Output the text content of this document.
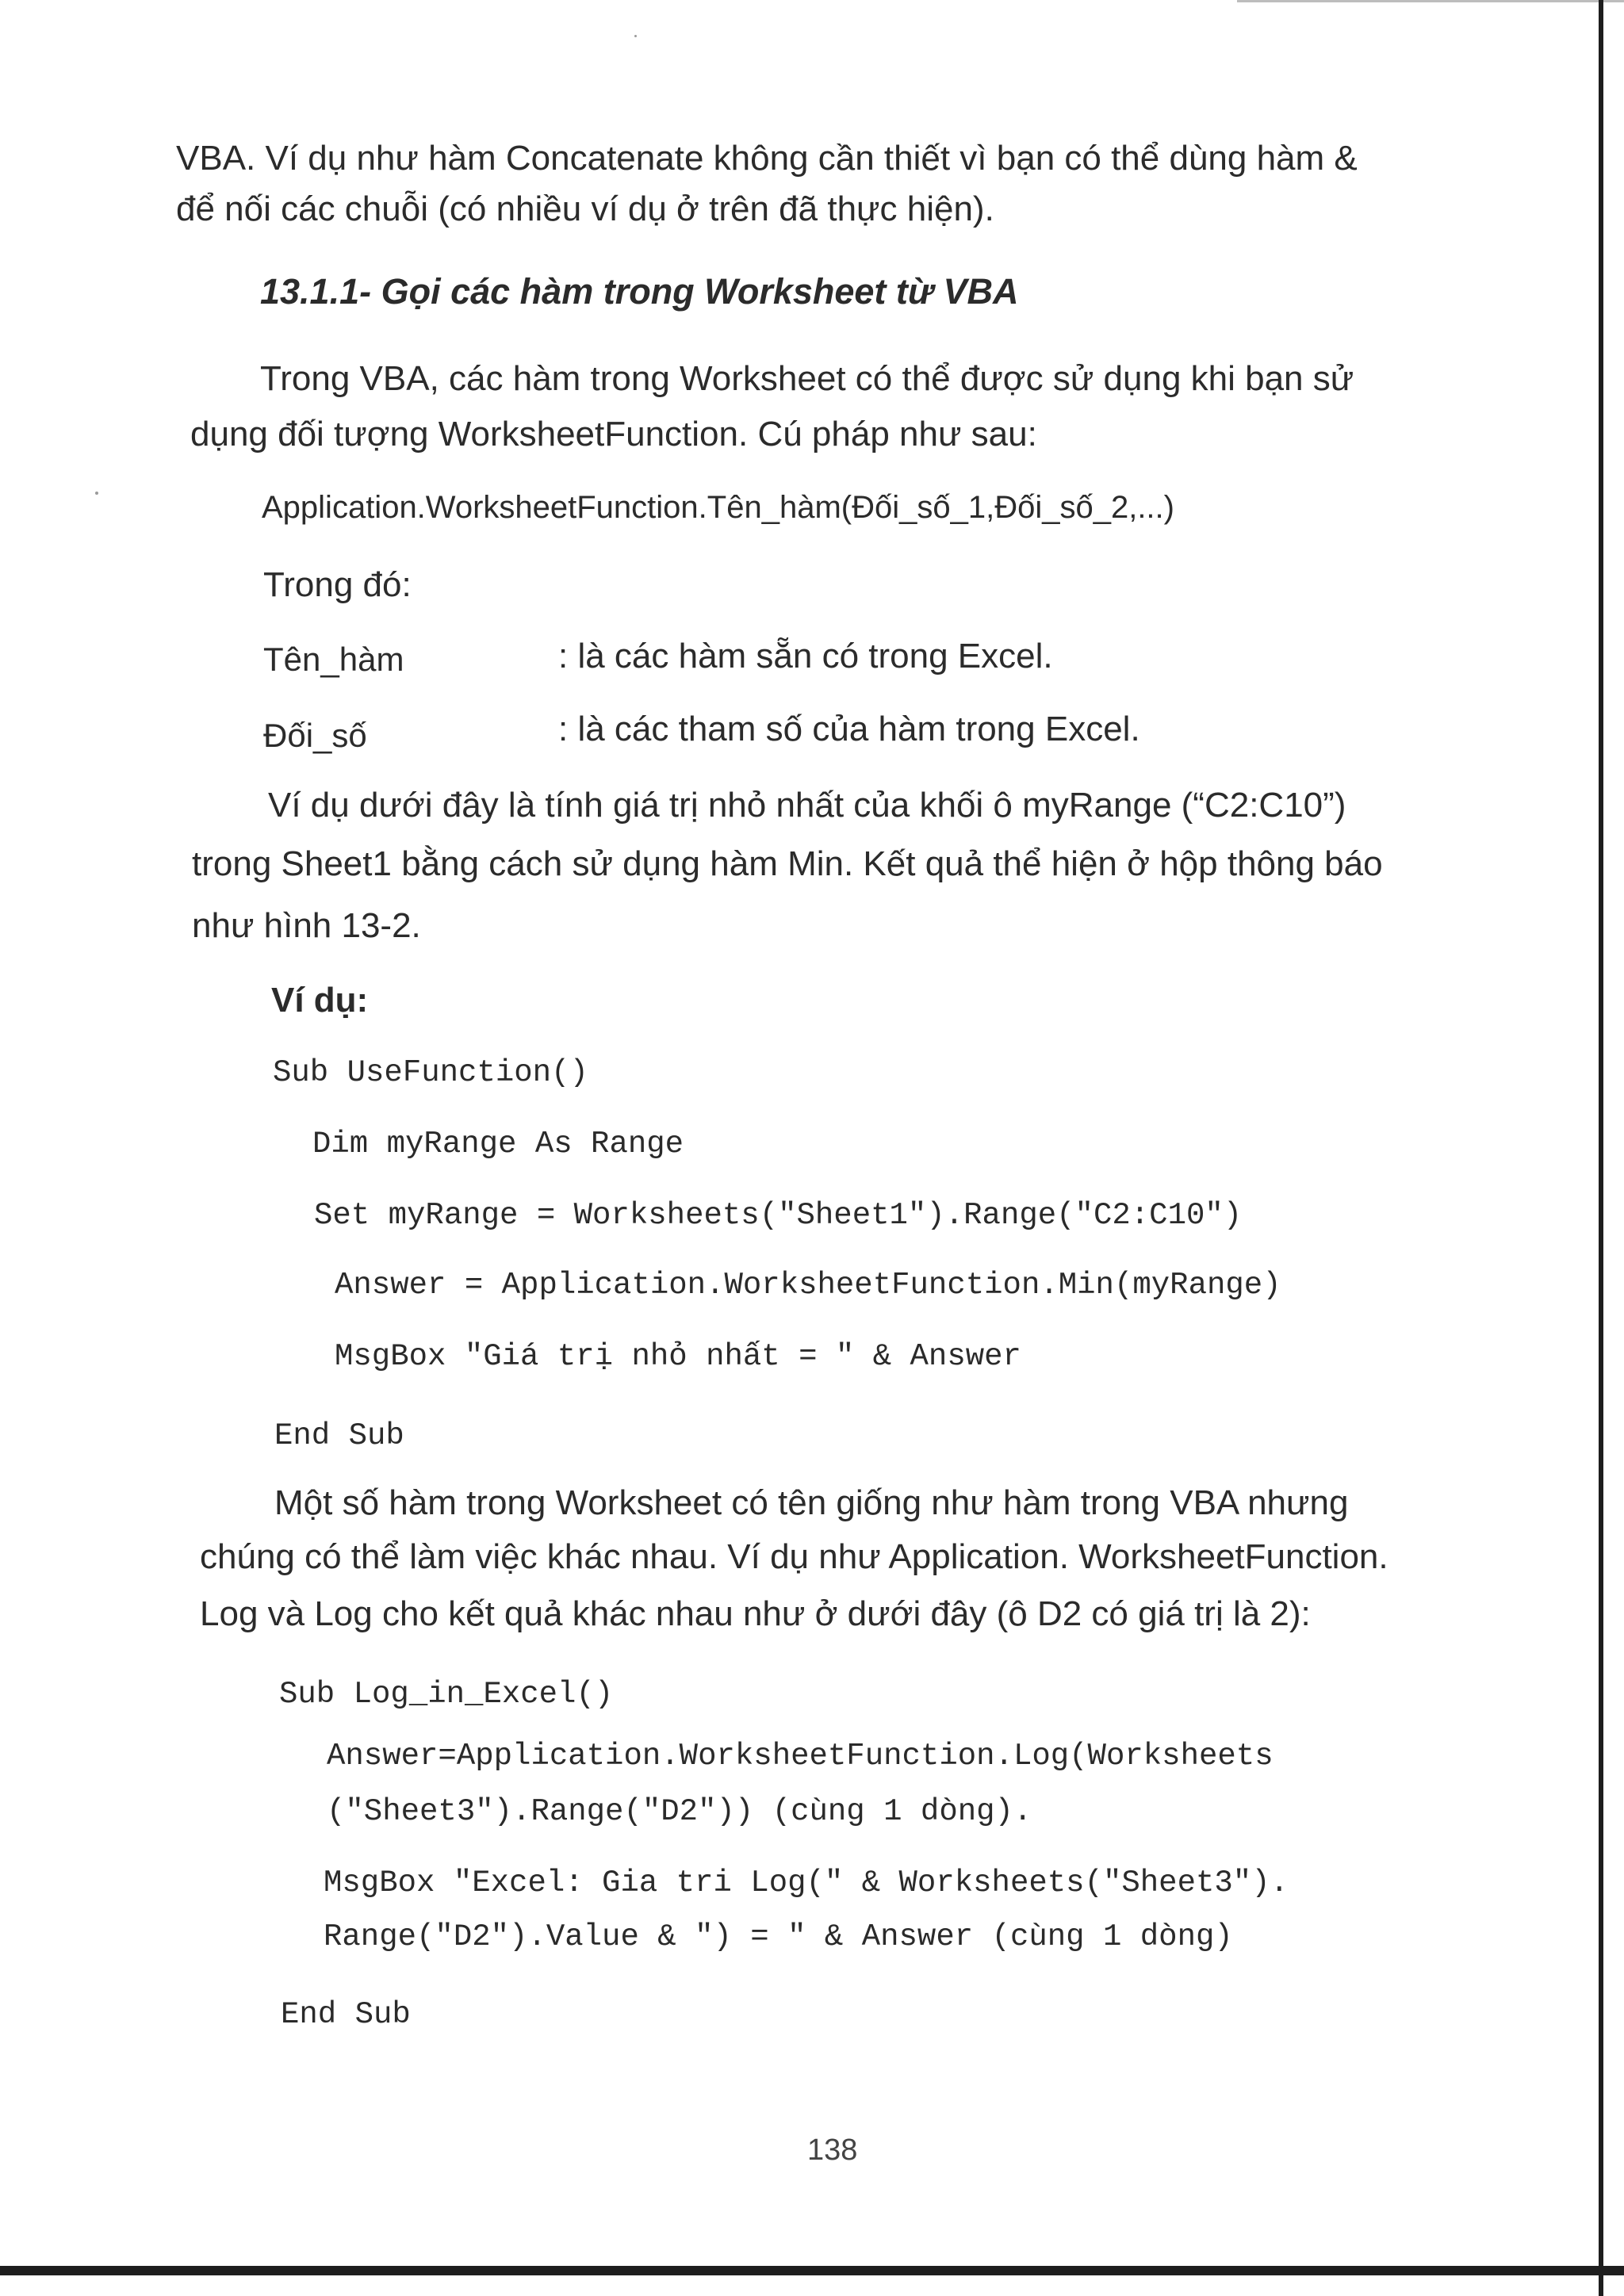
VBA. Ví dụ như hàm Concatenate không cần thiết vì bạn có thể dùng hàm &
để nối các chuỗi (có nhiều ví dụ ở trên đã thực hiện).
13.1.1- Gọi các hàm trong Worksheet từ VBA
Trong VBA, các hàm trong Worksheet có thể được sử dụng khi bạn sử
dụng đối tượng WorksheetFunction. Cú pháp như sau:
Application.WorksheetFunction.Tên_hàm(Đối_số_1,Đối_số_2,...)
Trong đó:
Tên_hàm	: là các hàm sẵn có trong Excel.
Đối_số	: là các tham số của hàm trong Excel.
Ví dụ dưới đây là tính giá trị nhỏ nhất của khối ô myRange (“C2:C10”)
trong Sheet1 bằng cách sử dụng hàm Min. Kết quả thể hiện ở hộp thông báo
như hình 13-2.
Ví dụ:
Sub UseFunction()
Dim myRange As Range
Set myRange = Worksheets("Sheet1").Range("C2:C10")
Answer = Application.WorksheetFunction.Min(myRange)
MsgBox "Giá trị nhỏ nhất = " & Answer
End Sub
Một số hàm trong Worksheet có tên giống như hàm trong VBA nhưng
chúng có thể làm việc khác nhau. Ví dụ như Application. WorksheetFunction.
Log và Log cho kết quả khác nhau như ở dưới đây (ô D2 có giá trị là 2):
Sub Log_in_Excel()
Answer=Application.WorksheetFunction.Log(Worksheets
("Sheet3").Range("D2")) (cùng 1 dòng).
MsgBox "Excel: Gia tri Log(" & Worksheets("Sheet3").
Range("D2").Value & ") = " & Answer (cùng 1 dòng)
End Sub
138
